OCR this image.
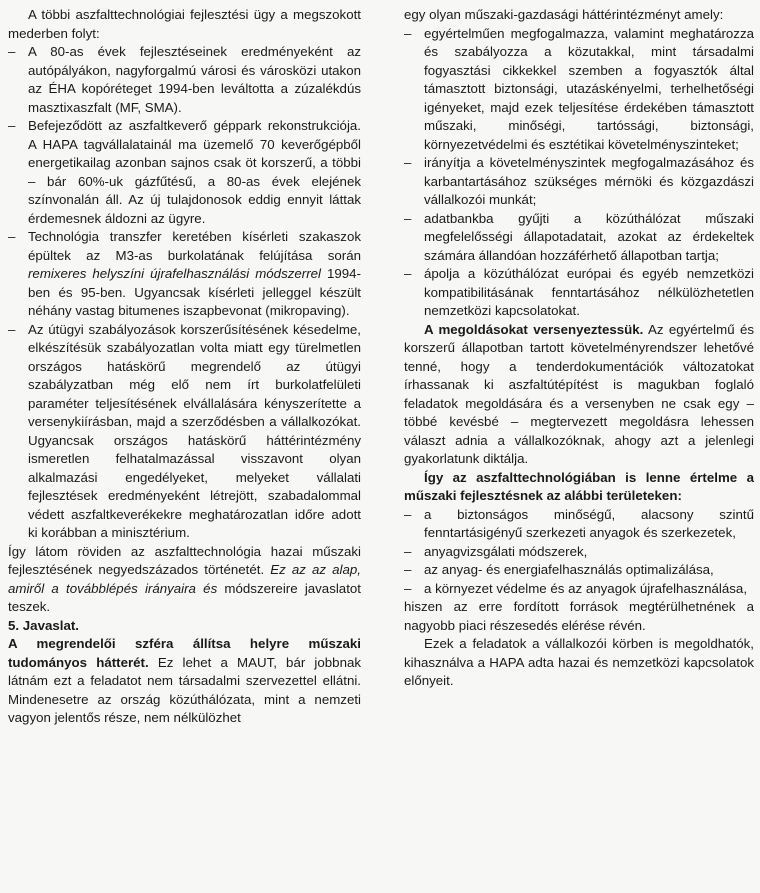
A többi aszfalttechnológiai fejlesztési ügy a megszokott mederben folyt:

– A 80-as évek fejlesztéseinek eredményeként az autópályákon, nagyforgalmú városi és városközi utakon az ÉHA kopóréteget 1994-ben leváltotta a zúzalékdús masztixaszfalt (MF, SMA).
– Befejeződött az aszfaltkeverő géppark rekonstrukciója. A HAPA tagvállalatainál ma üzemelő 70 keverőgépből energetikailag azonban sajnos csak öt korszerű, a többi – bár 60%-uk gázfűtésű, a 80-as évek elejének színvonalán áll. Az új tulajdonosok eddig ennyit láttak érdemesnek áldozni az ügyre.
– Technológia transzfer keretében kísérleti szakaszok épültek az M3-as burkolatának felújítása során remixeres helyszíni újrafelhasználási módszerrel 1994-ben és 95-ben. Ugyancsak kísérleti jelleggel készült néhány vastag bitumenes iszapbevonat (mikropaving).
– Az útügyi szabályozások korszerűsítésének késedelme, elkészítésük szabályozatlan volta miatt egy türelmetlen országos hatáskörű megrendelő az útügyi szabályzatban még elő nem írt burkolatfelületi paraméter teljesítésének elvállalására kényszerítette a versenykiírásban, majd a szerződésben a vállalkozókat. Ugyancsak országos hatáskörű háttérintézmény ismeretlen felhatalmazással visszavont olyan alkalmazási engedélyeket, melyeket vállalati fejlesztések eredményeként létrejött, szabadalommal védett aszfaltkeverékekre meghatározatlan időre adott ki korábban a minisztérium.

Így látom röviden az aszfalttechnológia hazai műszaki fejlesztésének negyedszázados történetét. Ez az az alap, amiről a továbblépés irányaira és módszereire javaslatot teszek.

5. Javaslat.

A megrendelői szféra állítsa helyre műszaki tudományos hátterét. Ez lehet a MAUT, bár jobbnak látnám ezt a feladatot nem társadalmi szervezettel ellátni. Mindenesetre az ország közúthálózata, mint a nemzeti vagyon jelentős része, nem nélkülözhet

egy olyan műszaki-gazdasági háttérintézményt amely:

– egyértelműen megfogalmazza, valamint meghatározza és szabályozza a közutakkal, mint társadalmi fogyasztási cikkekkel szemben a fogyasztók által támasztott biztonsági, utazáskényelmi, terhelhetőségi igényeket, majd ezek teljesítése érdekében támasztott műszaki, minőségi, tartóssági, biztonsági, környezetvédelmi és esztétikai követelményszinteket;
– irányítja a követelményszintek megfogalmazásához és karbantartásához szükséges mérnöki és közgazdászi vállalkozói munkát;
– adatbankba gyűjti a közúthálózat műszaki megfelelősségi állapotadatait, azokat az érdekeltek számára állandóan hozzáférhető állapotban tartja;
– ápolja a közúthálózat európai és egyéb nemzetközi kompatibilitásának fenntartásához nélkülözhetetlen nemzetközi kapcsolatokat.

A megoldásokat versenyeztessük. Az egyértelmű és korszerű állapotban tartott követelményrendszer lehetővé tenné, hogy a tenderdokumentációk változatokat írhassanak ki aszfaltútépítést is magukban foglaló feladatok megoldására és a versenyben ne csak egy – többé kevésbé – megtervezett megoldásra lehessen választ adnia a vállalkozóknak, ahogy azt a jelenlegi gyakorlatunk diktálja.

Így az aszfalttechnológiában is lenne értelme a műszaki fejlesztésnek az alábbi területeken:

– a biztonságos minőségű, alacsony szintű fenntartásigényű szerkezeti anyagok és szerkezetek,
– anyagvizsgálati módszerek,
– az anyag- és energiafelhasználás optimalizálása,
– a környezet védelme és az anyagok újrafelhasználása,

hiszen az erre fordított források megtérülhetnének a nagyobb piaci részesedés elérése révén.

Ezek a feladatok a vállalkozói körben is megoldhatók, kihasználva a HAPA adta hazai és nemzetközi kapcsolatok előnyeit.
